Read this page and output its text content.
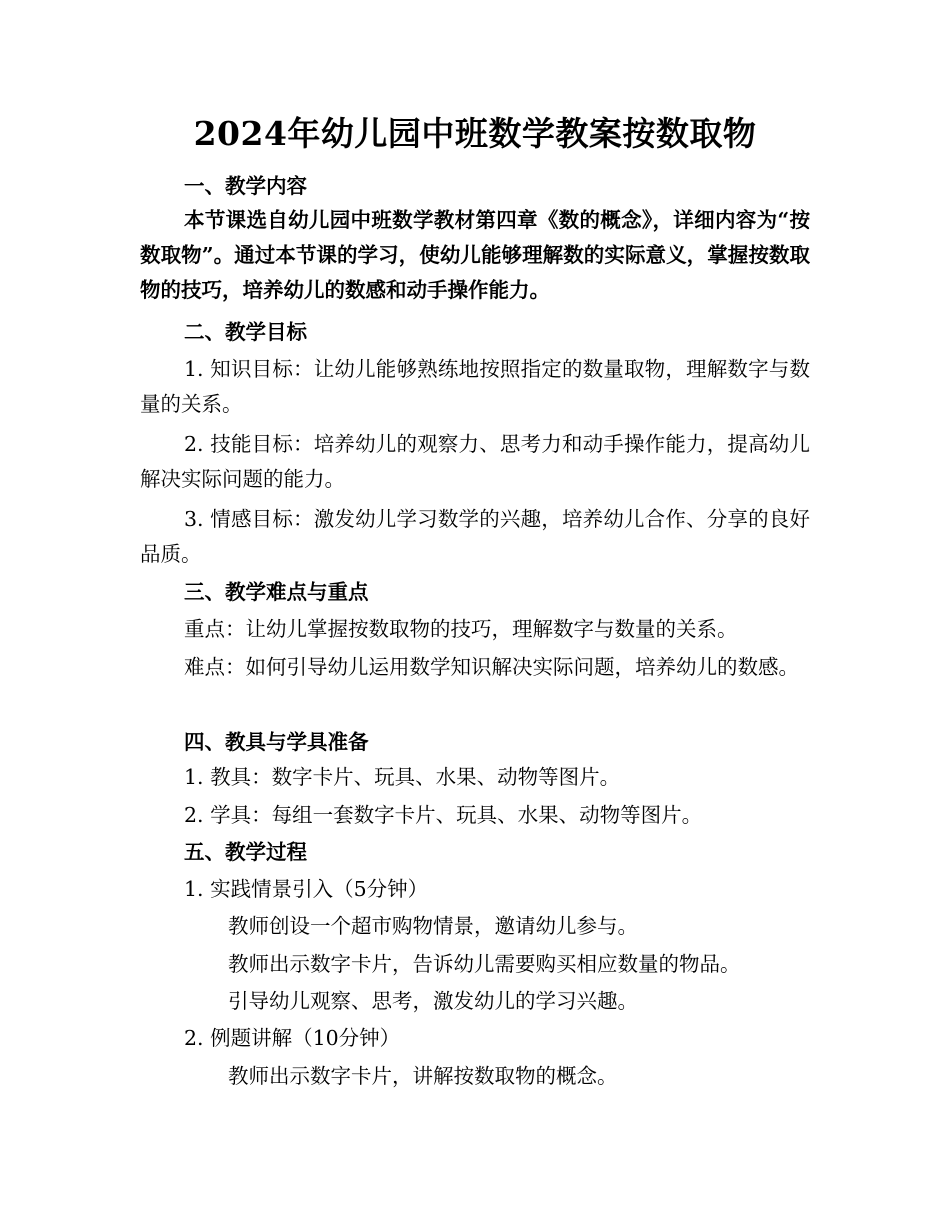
2024年幼儿园中班数学教案按数取物
一、教学内容
本节课选自幼儿园中班数学教材第四章《数的概念》，详细内容为“按数取物”。通过本节课的学习，使幼儿能够理解数的实际意义，掌握按数取物的技巧，培养幼儿的数感和动手操作能力。
二、教学目标
1. 知识目标：让幼儿能够熟练地按照指定的数量取物，理解数字与数量的关系。
2. 技能目标：培养幼儿的观察力、思考力和动手操作能力，提高幼儿解决实际问题的能力。
3. 情感目标：激发幼儿学习数学的兴趣，培养幼儿合作、分享的良好品质。
三、教学难点与重点
重点：让幼儿掌握按数取物的技巧，理解数字与数量的关系。
难点：如何引导幼儿运用数学知识解决实际问题，培养幼儿的数感。
四、教具与学具准备
1. 教具：数字卡片、玩具、水果、动物等图片。
2. 学具：每组一套数字卡片、玩具、水果、动物等图片。
五、教学过程
1. 实践情景引入（5分钟）
教师创设一个超市购物情景，邀请幼儿参与。
教师出示数字卡片，告诉幼儿需要购买相应数量的物品。
引导幼儿观察、思考，激发幼儿的学习兴趣。
2. 例题讲解（10分钟）
教师出示数字卡片，讲解按数取物的概念。
